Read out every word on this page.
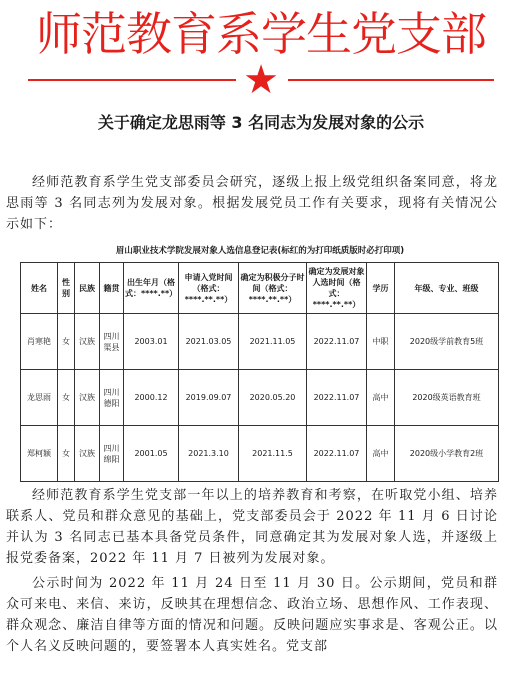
师范教育系学生党支部
★
关于确定龙思雨等 3 名同志为发展对象的公示
经师范教育系学生党支部委员会研究，逐级上报上级党组织备案同意，将龙思雨等 3 名同志列为发展对象。根据发展党员工作有关要求，现将有关情况公示如下：
眉山职业技术学院发展对象人选信息登记表(标红的为打印纸质版时必打印项)
姓名	性别	民族	籍贯	出生年月（格式：****.**）	申请入党时间（格式：****.**.**）	确定为积极分子时间（格式：****.**.**）	确定为发展对象人选时间（格式：****.**.**）	学历	年级、专业、班级
肖寒艳	女	汉族	四川渠县	2003.01	2021.03.05	2021.11.05	2022.11.07	中职	2020级学前教育5班
龙思雨	女	汉族	四川德阳	2000.12	2019.09.07	2020.05.20	2022.11.07	高中	2020级英语教育班
郑柯颖	女	汉族	四川绵阳	2001.05	2021.3.10	2021.11.5	2022.11.07	高中	2020级小学教育2班
经师范教育系学生党支部一年以上的培养教育和考察，在听取党小组、培养联系人、党员和群众意见的基础上，党支部委员会于 2022 年 11 月 6 日讨论并认为 3 名同志已基本具备党员条件，同意确定其为发展对象人选，并逐级上报党委备案，2022 年 11 月 7 日被列为发展对象。
公示时间为 2022 年 11 月 24 日至 11 月 30 日。公示期间，党员和群众可来电、来信、来访，反映其在理想信念、政治立场、思想作风、工作表现、群众观念、廉洁自律等方面的情况和问题。反映问题应实事求是、客观公正。以个人名义反映问题的，要签署本人真实姓名。党支部
